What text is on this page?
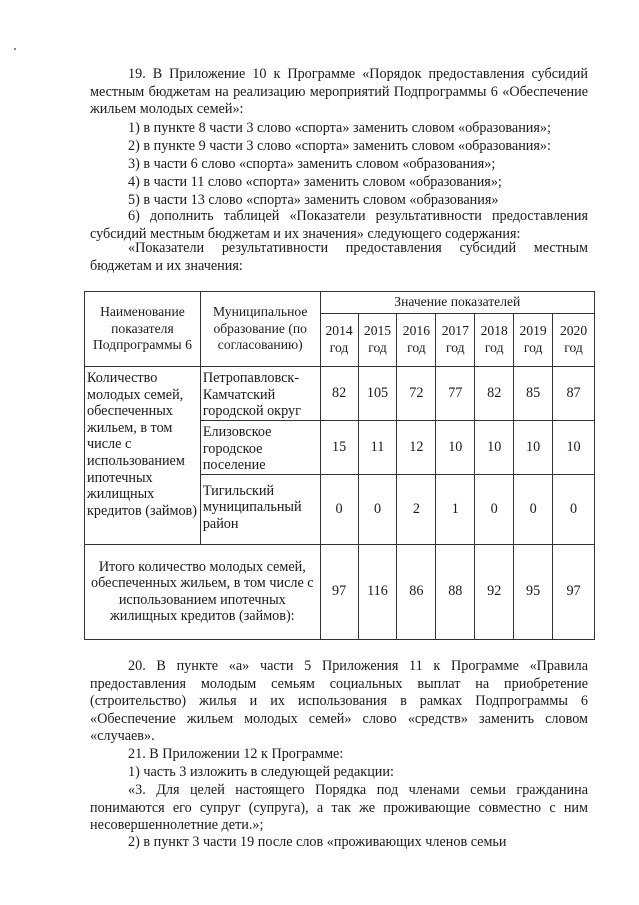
19. В Приложение 10 к Программе «Порядок предоставления субсидий местным бюджетам на реализацию мероприятий Подпрограммы 6 «Обеспечение жильем молодых семей»:

1) в пункте 8 части 3 слово «спорта» заменить словом «образования»;

2) в пункте 9 части 3 слово «спорта» заменить словом «образования»:

3) в части 6 слово «спорта» заменить словом «образования»;

4) в части 11 слово «спорта» заменить словом «образования»;

5) в части 13 слово «спорта» заменить словом «образования»

6) дополнить таблицей «Показатели результативности предоставления субсидий местным бюджетам и их значения» следующего содержания:

«Показатели результативности предоставления субсидий местным бюджетам и их значения:

Наименование показателя Подпрограммы 6	Муниципальное образование (по согласованию)	Значение показателей						
		2014 год	2015 год	2016 год	2017 год	2018 год	2019 год	2020 год
Количество молодых семей, обеспеченных жильем, в том числе с использованием ипотечных жилищных кредитов (займов)	Петропавловск-Камчатский городской округ	82	105	72	77	82	85	87
	Елизовское городское поселение	15	11	12	10	10	10	10
	Тигильский муниципальный район	0	0	2	1	0	0	0
Итого количество молодых семей, обеспеченных жильем, в том числе с использованием ипотечных жилищных кредитов (займов):		97	116	86	88	92	95	97

20. В пункте «а» части 5 Приложения 11 к Программе «Правила предоставления молодым семьям социальных выплат на приобретение (строительство) жилья и их использования в рамках Подпрограммы 6 «Обеспечение жильем молодых семей» слово «средств» заменить словом «случаев».

21. В Приложении 12 к Программе:

1) часть 3 изложить в следующей редакции:

«3. Для целей настоящего Порядка под членами семьи гражданина понимаются его супруг (супруга), а так же проживающие совместно с ним несовершеннолетние дети.»;

2) в пункт 3 части 19 после слов «проживающих членов семьи
